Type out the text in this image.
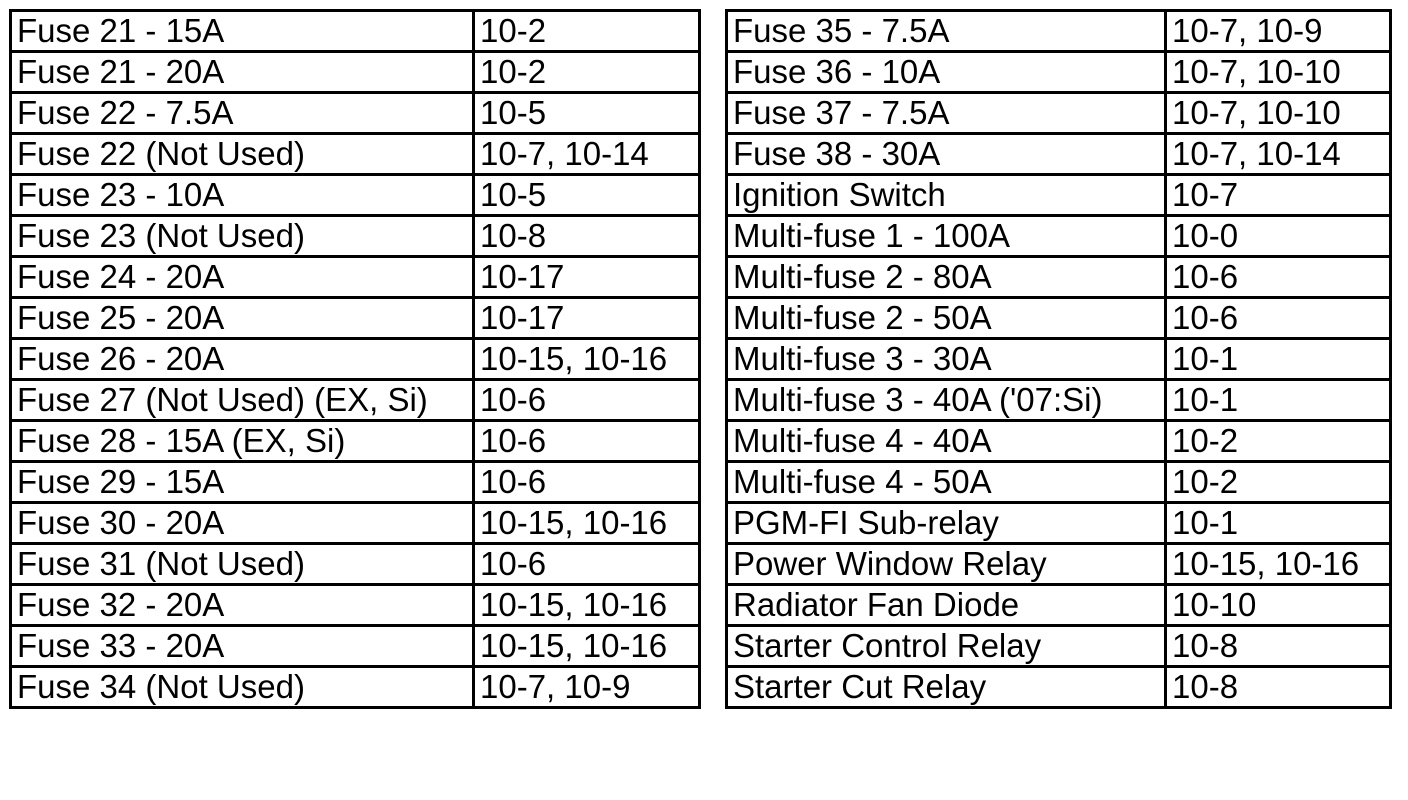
Fuse 21 - 15A	10-2		Fuse 35 - 7.5A	10-7, 10-9
Fuse 21 - 20A	10-2		Fuse 36 - 10A	10-7, 10-10
Fuse 22 - 7.5A	10-5		Fuse 37 - 7.5A	10-7, 10-10
Fuse 22 (Not Used)	10-7, 10-14		Fuse 38 - 30A	10-7, 10-14
Fuse 23 - 10A	10-5		Ignition Switch	10-7
Fuse 23 (Not Used)	10-8		Multi-fuse 1 - 100A	10-0
Fuse 24 - 20A	10-17		Multi-fuse 2 - 80A	10-6
Fuse 25 - 20A	10-17		Multi-fuse 2 - 50A	10-6
Fuse 26 - 20A	10-15, 10-16		Multi-fuse 3 - 30A	10-1
Fuse 27 (Not Used) (EX, Si)	10-6		Multi-fuse 3 - 40A ('07:Si)	10-1
Fuse 28 - 15A (EX, Si)	10-6		Multi-fuse 4 - 40A	10-2
Fuse 29 - 15A	10-6		Multi-fuse 4 - 50A	10-2
Fuse 30 - 20A	10-15, 10-16		PGM-FI Sub-relay	10-1
Fuse 31 (Not Used)	10-6		Power Window Relay	10-15, 10-16
Fuse 32 - 20A	10-15, 10-16		Radiator Fan Diode	10-10
Fuse 33 - 20A	10-15, 10-16		Starter Control Relay	10-8
Fuse 34 (Not Used)	10-7, 10-9		Starter Cut Relay	10-8
